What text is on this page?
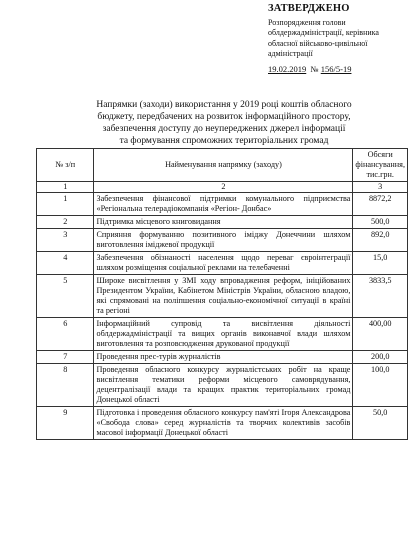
ЗАТВЕРДЖЕНО
Розпорядження голови
облдержадміністрації, керівника
обласної військово-цивільної
адміністрації
19.02.2019 № 156/5-19
Напрямки (заходи) використання у 2019 році коштів обласного
бюджету, передбачених на розвиток інформаційного простору,
забезпечення доступу до неупереджених джерел інформації
та формування спроможних територіальних громад
№ з/п	Найменування напрямку (заходу)	Обсяги фінансування, тис.грн.
1	2	3
1	Забезпечення фінансової підтримки комунального підприємства «Регіональна телерадіокомпанія «Регіон- Донбас»	8872,2
2	Підтримка місцевого книговидання	500,0
3	Сприяння формуванню позитивного іміджу Донеччини шляхом виготовлення іміджевої продукції	892,0
4	Забезпечення обізнаності населення щодо переваг євроінтеграції шляхом розміщення соціальної реклами на телебаченні	15,0
5	Широке висвітлення у ЗМІ ходу впровадження реформ, ініційованих Президентом України, Кабінетом Міністрів України, обласною владою, які спрямовані на поліпшення соціально-економічної ситуації в країні та регіоні	3833,5
6	Інформаційний супровід та висвітлення діяльності облдержадміністрації та вищих органів виконавчої влади шляхом виготовлення та розповсюдження друкованої продукції	400,00
7	Проведення прес-турів журналістів	200,0
8	Проведення обласного конкурсу журналістських робіт на краще висвітлення тематики реформи місцевого самоврядування, децентралізації влади та кращих практик територіальних громад Донецької області	100,0
9	Підготовка і проведення обласного конкурсу пам'яті Ігоря Александрова «Свобода слова» серед журналістів та творчих колективів засобів масової інформації Донецької області	50,0
